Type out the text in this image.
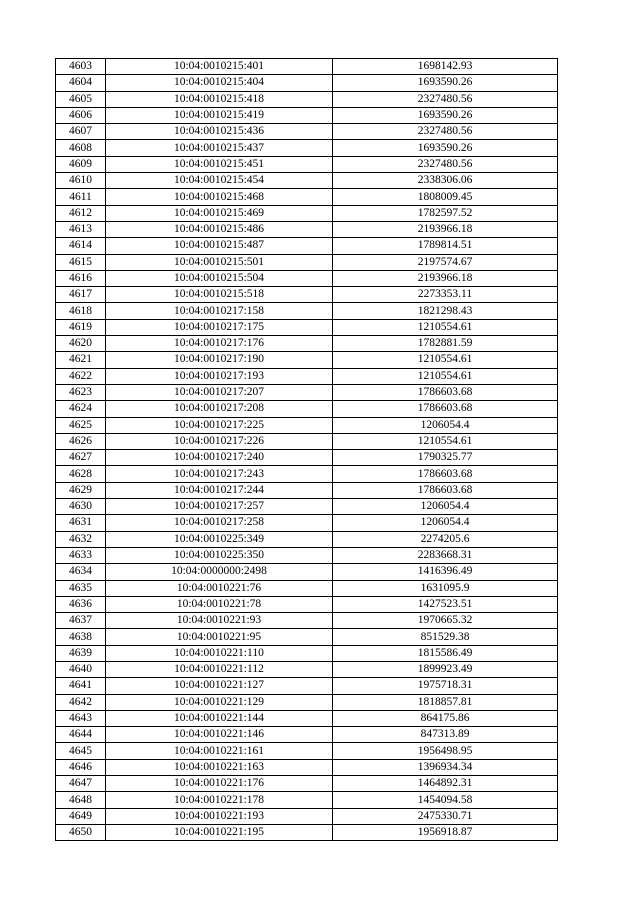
4603	10:04:0010215:401	1698142.93
4604	10:04:0010215:404	1693590.26
4605	10:04:0010215:418	2327480.56
4606	10:04:0010215:419	1693590.26
4607	10:04:0010215:436	2327480.56
4608	10:04:0010215:437	1693590.26
4609	10:04:0010215:451	2327480.56
4610	10:04:0010215:454	2338306.06
4611	10:04:0010215:468	1808009.45
4612	10:04:0010215:469	1782597.52
4613	10:04:0010215:486	2193966.18
4614	10:04:0010215:487	1789814.51
4615	10:04:0010215:501	2197574.67
4616	10:04:0010215:504	2193966.18
4617	10:04:0010215:518	2273353.11
4618	10:04:0010217:158	1821298.43
4619	10:04:0010217:175	1210554.61
4620	10:04:0010217:176	1782881.59
4621	10:04:0010217:190	1210554.61
4622	10:04:0010217:193	1210554.61
4623	10:04:0010217:207	1786603.68
4624	10:04:0010217:208	1786603.68
4625	10:04:0010217:225	1206054.4
4626	10:04:0010217:226	1210554.61
4627	10:04:0010217:240	1790325.77
4628	10:04:0010217:243	1786603.68
4629	10:04:0010217:244	1786603.68
4630	10:04:0010217:257	1206054.4
4631	10:04:0010217:258	1206054.4
4632	10:04:0010225:349	2274205.6
4633	10:04:0010225:350	2283668.31
4634	10:04:0000000:2498	1416396.49
4635	10:04:0010221:76	1631095.9
4636	10:04:0010221:78	1427523.51
4637	10:04:0010221:93	1970665.32
4638	10:04:0010221:95	851529.38
4639	10:04:0010221:110	1815586.49
4640	10:04:0010221:112	1899923.49
4641	10:04:0010221:127	1975718.31
4642	10:04:0010221:129	1818857.81
4643	10:04:0010221:144	864175.86
4644	10:04:0010221:146	847313.89
4645	10:04:0010221:161	1956498.95
4646	10:04:0010221:163	1396934.34
4647	10:04:0010221:176	1464892.31
4648	10:04:0010221:178	1454094.58
4649	10:04:0010221:193	2475330.71
4650	10:04:0010221:195	1956918.87
